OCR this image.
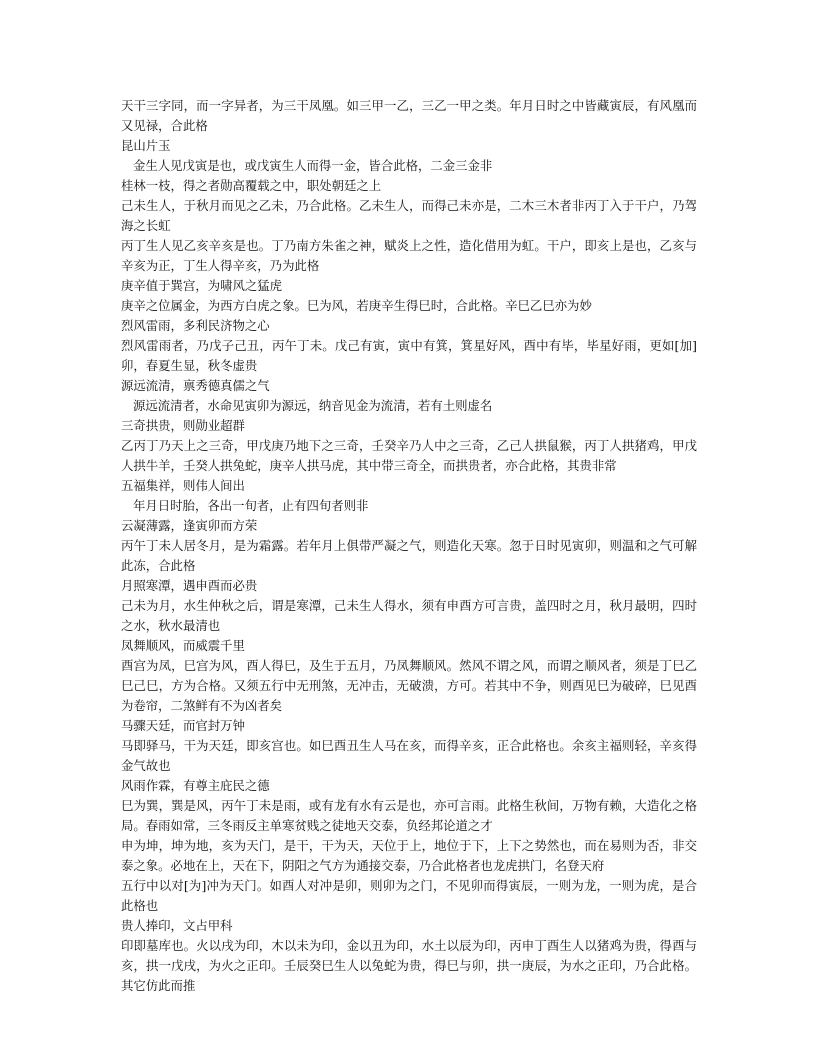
天干三字同，而一字异者，为三干凤凰。如三甲一乙，三乙一甲之类。年月日时之中皆藏寅辰，有风凰而又见禄，合此格

昆山片玉

金生人见戊寅是也，或戊寅生人而得一金，皆合此格，二金三金非

桂林一枝，得之者勋高覆载之中，职处朝廷之上

己未生人，于秋月而见之乙未，乃合此格。乙未生人，而得己未亦是，二木三木者非丙丁入于干户，乃驾海之长虹

丙丁生人见乙亥辛亥是也。丁乃南方朱雀之神，赋炎上之性，造化借用为虹。干户，即亥上是也，乙亥与辛亥为正，丁生人得辛亥，乃为此格

庚辛值于巽宫，为啸风之猛虎

庚辛之位属金，为西方白虎之象。巳为风，若庚辛生得巳时，合此格。辛巳乙巳亦为妙

烈风雷雨，多利民济物之心

烈风雷雨者，乃戊子己丑，丙午丁未。戊己有寅，寅中有箕，箕星好风，酉中有毕，毕星好雨，更如[加]卯，春夏生显，秋冬虚贵

源远流清，禀秀德真儒之气

源远流清者，水命见寅卯为源远，纳音见金为流清，若有土则虚名

三奇拱贵，则勋业超群

乙丙丁乃天上之三奇，甲戊庚乃地下之三奇，壬癸辛乃人中之三奇，乙己人拱鼠猴，丙丁人拱猪鸡，甲戊人拱牛羊，壬癸人拱兔蛇，庚辛人拱马虎，其中带三奇全，而拱贵者，亦合此格，其贵非常

五福集祥，则伟人间出

年月日时胎，各出一旬者，止有四旬者则非

云凝薄露，逢寅卯而方荣

丙午丁未人居冬月，是为霜露。若年月上俱带严凝之气，则造化天寒。忽于日时见寅卯，则温和之气可解此冻，合此格

月照寒潭，遇申酉而必贵

己未为月，水生仲秋之后，谓是寒潭，己未生人得水，须有申酉方可言贵，盖四时之月，秋月最明，四时之水，秋水最清也

凤舞顺风，而威震千里

酉宫为凤，巳宫为风，酉人得巳，及生于五月，乃凤舞顺风。然风不谓之风，而谓之顺风者，须是丁巳乙巳己巳，方为合格。又须五行中无刑煞，无冲击，无破溃，方可。若其中不争，则酉见巳为破碎，巳见酉为卷帘，二煞鲜有不为凶者矣

马骤天廷，而官封万钟

马即驿马，干为天廷，即亥宫也。如巳酉丑生人马在亥，而得辛亥，正合此格也。余亥主福则轻，辛亥得金气故也

风雨作霖，有尊主庇民之德

巳为巽，巽是风，丙午丁未是雨，或有龙有水有云是也，亦可言雨。此格生秋间，万物有赖，大造化之格局。春雨如常，三冬雨反主单寒贫贱之徒地天交泰，负经邦论道之才

申为坤，坤为地，亥为天门，是干，干为天，天位于上，地位于下，上下之势然也，而在易则为否，非交泰之象。必地在上，天在下，阴阳之气方为通接交泰，乃合此格者也龙虎拱门，名登天府

五行中以对[为]冲为天门。如酉人对冲是卯，则卯为之门，不见卯而得寅辰，一则为龙，一则为虎，是合此格也

贵人捧印，文占甲科

印即墓库也。火以戌为印，木以未为印，金以丑为印，水土以辰为印，丙申丁酉生人以猪鸡为贵，得酉与亥，拱一戊戌，为火之正印。壬辰癸巳生人以兔蛇为贵，得巳与卯，拱一庚辰，为水之正印，乃合此格。其它仿此而推
